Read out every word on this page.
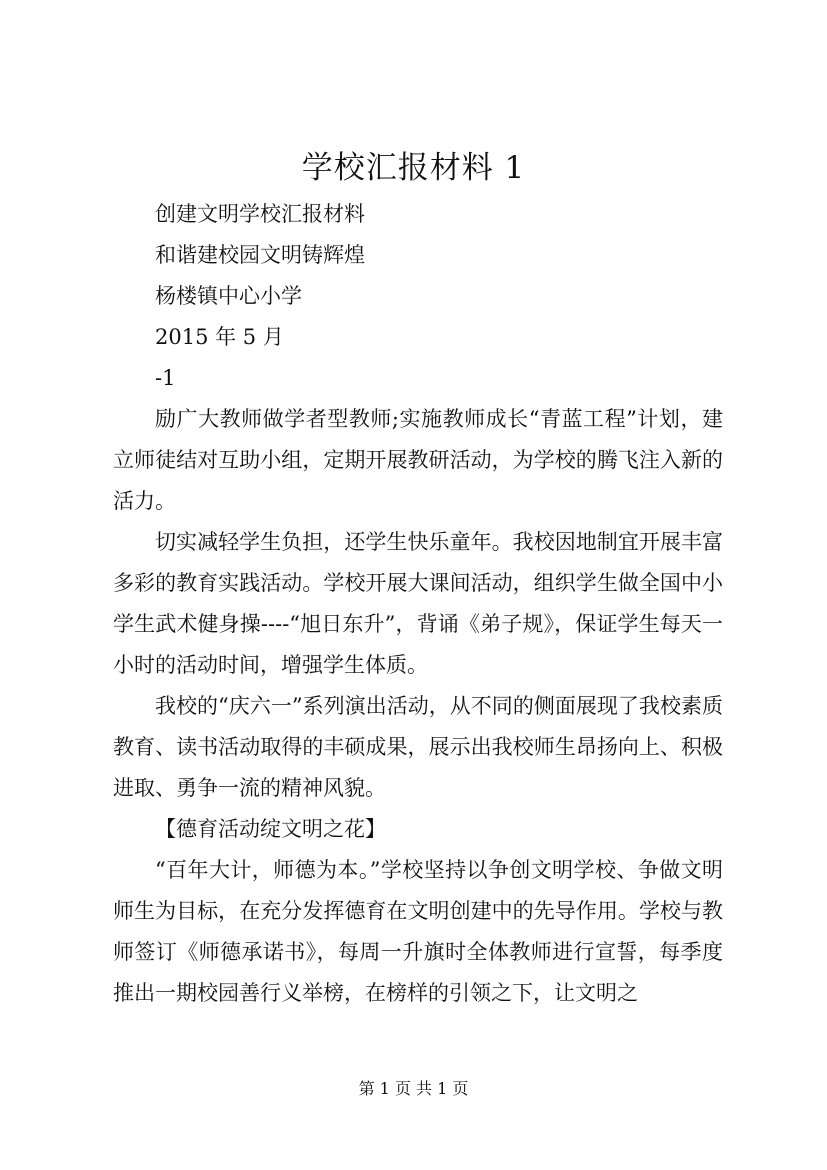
学校汇报材料 1

创建文明学校汇报材料

和谐建校园文明铸辉煌

杨楼镇中心小学

2015 年 5 月

-1

励广大教师做学者型教师;实施教师成长“青蓝工程”计划，建立师徒结对互助小组，定期开展教研活动，为学校的腾飞注入新的活力。

切实减轻学生负担，还学生快乐童年。我校因地制宜开展丰富多彩的教育实践活动。学校开展大课间活动，组织学生做全国中小学生武术健身操----“旭日东升”，背诵《弟子规》，保证学生每天一小时的活动时间，增强学生体质。

我校的“庆六一”系列演出活动，从不同的侧面展现了我校素质教育、读书活动取得的丰硕成果，展示出我校师生昂扬向上、积极进取、勇争一流的精神风貌。

【德育活动绽文明之花】

“百年大计，师德为本。”学校坚持以争创文明学校、争做文明师生为目标，在充分发挥德育在文明创建中的先导作用。学校与教师签订《师德承诺书》，每周一升旗时全体教师进行宣誓，每季度推出一期校园善行义举榜，在榜样的引领之下，让文明之

第 1 页 共 1 页
